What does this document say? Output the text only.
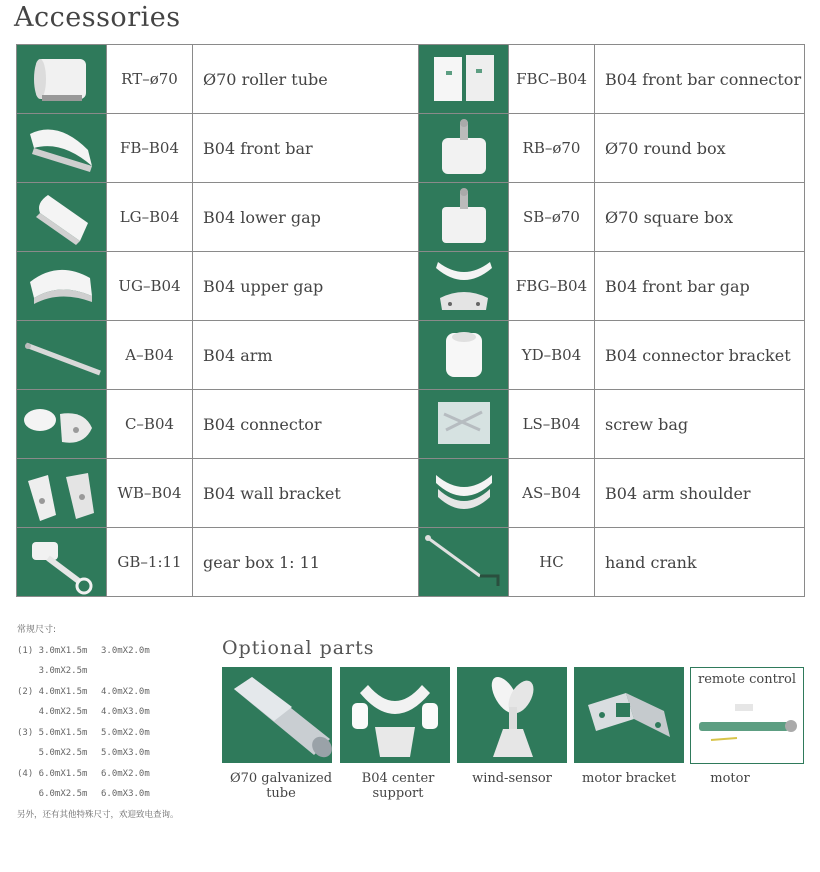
Accessories
	RT–ø70	Ø70 roller tube		FBC–B04	B04 front bar connector

	FB–B04	B04 front bar		RB–ø70	Ø70 round box

	LG–B04	B04 lower gap		SB–ø70	Ø70 square box

	UG–B04	B04 upper gap		FBG–B04	B04 front bar gap

	A–B04	B04 arm		YD–B04	B04 connector bracket

	C–B04	B04 connector		LS–B04	screw bag

	WB–B04	B04 wall bracket		AS–B04	B04 arm shoulder

	GB–1:11	gear box 1: 11		HC	hand crank
常规尺寸:
(1) 3.0mX1.5m	3.0mX2.0m
3.0mX2.5m
(2) 4.0mX1.5m	4.0mX2.0m
4.0mX2.5m	4.0mX3.0m
(3) 5.0mX1.5m	5.0mX2.0m
5.0mX2.5m	5.0mX3.0m
(4) 6.0mX1.5m	6.0mX2.0m
6.0mX2.5m	6.0mX3.0m
另外，还有其他特殊尺寸，欢迎致电查询。
Optional parts
remote control
Ø70 galvanized tube
B04 center support
wind-sensor	motor bracket	motor
